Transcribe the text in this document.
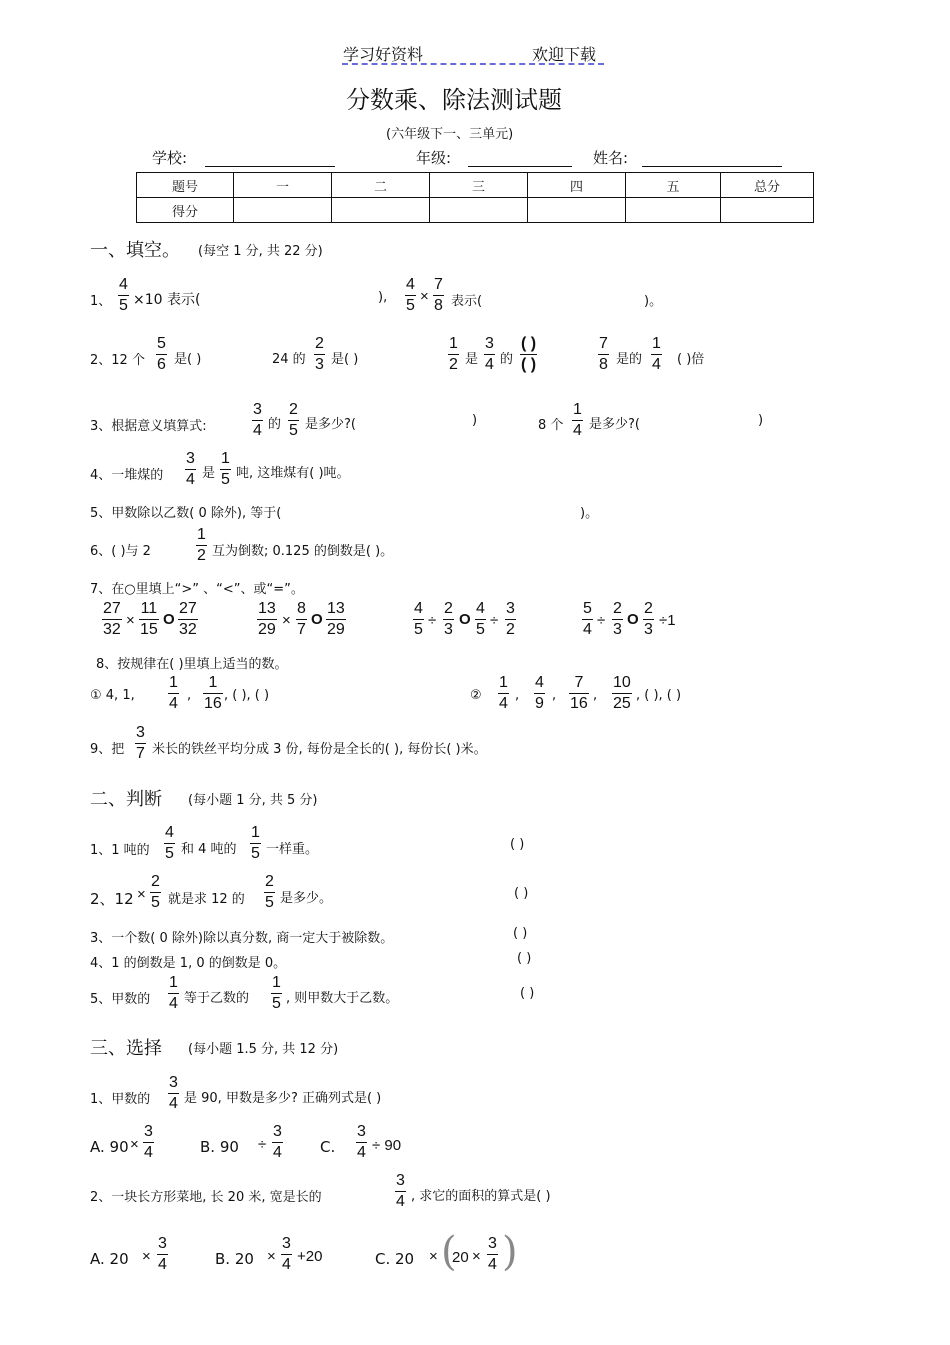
学习好资料	欢迎下载
分数乘、除法测试题
(六年级下一、三单元)
学校:	年级:	姓名:
题号	一	二	三	四	五	总分
得分						
一、填空。 (每空 1 分, 共 22 分)
1、
4
5 ×10 表示(	),
4
5
×
7
8 表示(	)。
2、12 个
5
6 是( )	24 的
2
3 是( )
1
2 是
3
4 的
( )
( )
7
8 是的
1
4 ( )倍
3、根据意义填算式:
3
4 的
2
5 是多少?(	)	8 个
1
4 是多少?(	)
4、一堆煤的
3
4 是
1
5 吨, 这堆煤有( )吨。
5、甲数除以乙数( 0 除外), 等于(	)。
6、( )与 2
1
2 互为倒数; 0.125 的倒数是( )。
7、在○里填上“>” 、“<”、或“=”。
27
32
×
11
15
O
27
32
13
29
×
8
7
O
13
29
4
5
÷
2
3
O
4
5
÷
3
2
5
4
÷
2
3
O
2
3
÷1
8、按规律在( )里填上适当的数。
① 4, 1,
1
4 ,
1
16 , ( ), ( )	②
1
4 ,
4
9 ,
7
16 ,
10
25 , ( ), ( )
9、把
3
7 米长的铁丝平均分成 3 份, 每份是全长的( ), 每份长( )米。
二、判断 (每小题 1 分, 共 5 分)
1、1 吨的
4
5 和 4 吨的
1
5 一样重。	( )
2、12 ×
2
5 就是求 12 的
2
5 是多少。	( )
3、一个数( 0 除外)除以真分数, 商一定大于被除数。	( )
4、1 的倒数是 1, 0 的倒数是 0。	( )
5、甲数的
1
4 等于乙数的
1
5 , 则甲数大于乙数。	( )
三、选择 (每小题 1.5 分, 共 12 分)
1、甲数的
3
4 是 90, 甲数是多少? 正确列式是( )
A. 90 ×
3
4	B. 90 ÷
3
4	C.
3
4 ÷ 90
2、一块长方形菜地, 长 20 米, 宽是长的
3
4 , 求它的面积的算式是( )
A. 20 ×
3
4	B. 20 ×
3
4 +20	C. 20 × (
20 ×
3
4 )
